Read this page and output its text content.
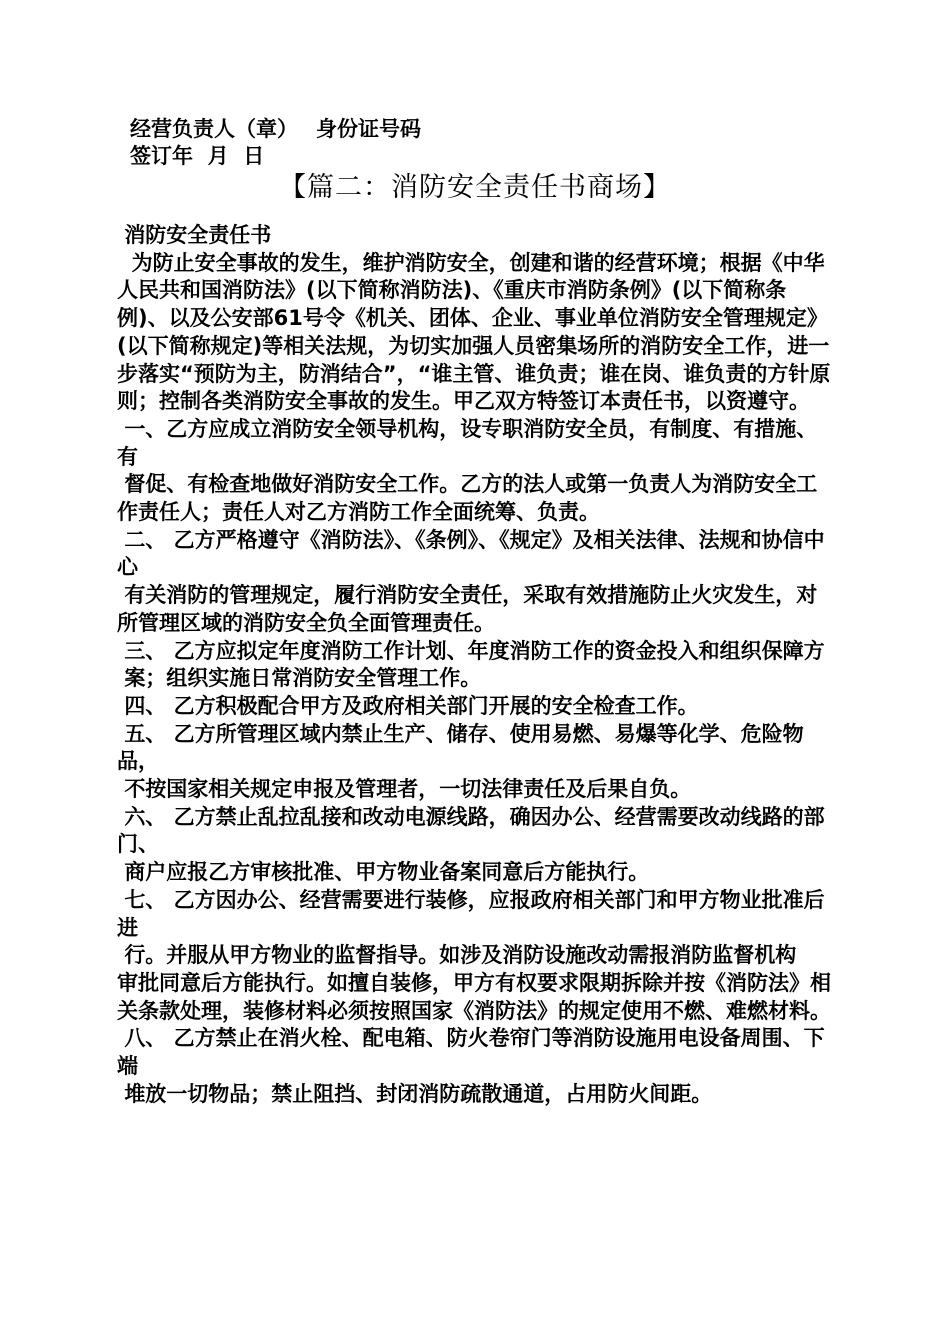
经营负责人（章） 身份证号码
签订年  月  日
【篇二：消防安全责任书商场】

消防安全责任书

为防止安全事故的发生，维护消防安全，创建和谐的经营环境；根据《中华人民共和国消防法》(以下简称消防法)、《重庆市消防条例》(以下简称条例)、以及公安部61号令《机关、团体、企业、事业单位消防安全管理规定》(以下简称规定)等相关法规，为切实加强人员密集场所的消防安全工作，进一步落实“预防为主，防消结合”，“谁主管、谁负责；谁在岗、谁负责的方针原则；控制各类消防安全事故的发生。甲乙双方特签订本责任书，以资遵守。

一、乙方应成立消防安全领导机构，设专职消防安全员，有制度、有措施、有

督促、有检查地做好消防安全工作。乙方的法人或第一负责人为消防安全工作责任人；责任人对乙方消防工作全面统筹、负责。

二、 乙方严格遵守《消防法》、《条例》、《规定》及相关法律、法规和协信中心

有关消防的管理规定，履行消防安全责任，采取有效措施防止火灾发生，对所管理区域的消防安全负全面管理责任。

三、 乙方应拟定年度消防工作计划、年度消防工作的资金投入和组织保障方

案；组织实施日常消防安全管理工作。

四、 乙方积极配合甲方及政府相关部门开展的安全检查工作。

五、 乙方所管理区域内禁止生产、储存、使用易燃、易爆等化学、危险物品，

不按国家相关规定申报及管理者，一切法律责任及后果自负。

六、 乙方禁止乱拉乱接和改动电源线路，确因办公、经营需要改动线路的部门、

商户应报乙方审核批准、甲方物业备案同意后方能执行。

七、 乙方因办公、经营需要进行装修，应报政府相关部门和甲方物业批准后进

行。并服从甲方物业的监督指导。如涉及消防设施改动需报消防监督机构

审批同意后方能执行。如擅自装修，甲方有权要求限期拆除并按《消防法》相关条款处理，装修材料必须按照国家《消防法》的规定使用不燃、难燃材料。

八、 乙方禁止在消火栓、配电箱、防火卷帘门等消防设施用电设备周围、下端

堆放一切物品；禁止阻挡、封闭消防疏散通道，占用防火间距。
